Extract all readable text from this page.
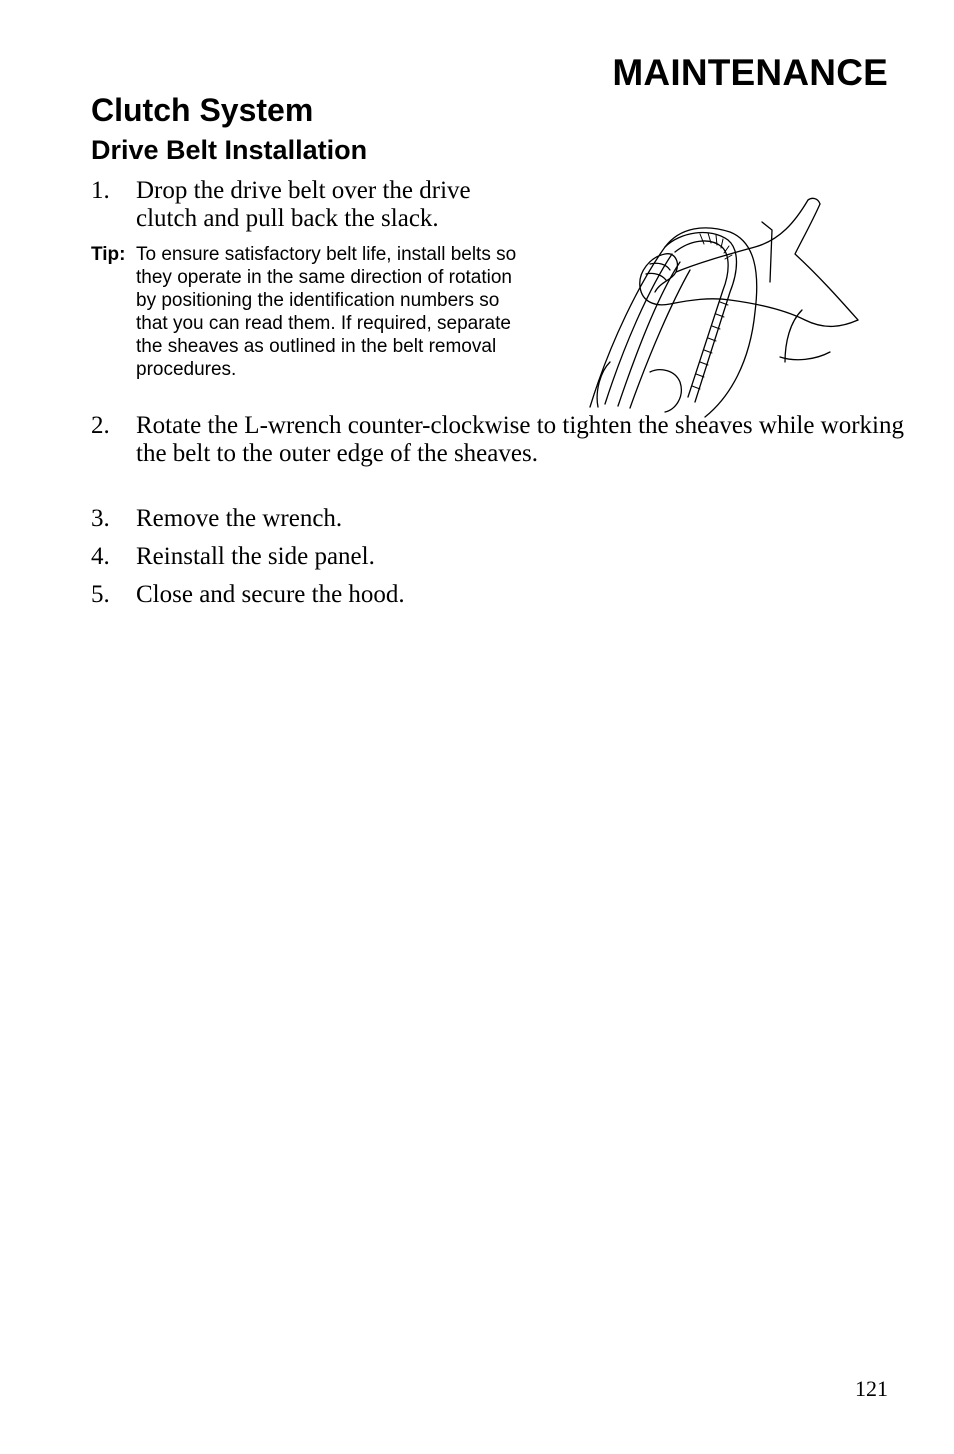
MAINTENANCE
Clutch System
Drive Belt Installation
1. Drop the drive belt over the drive clutch and pull back the slack.
Tip: To ensure satisfactory belt life, install belts so they operate in the same direction of rotation by positioning the identification numbers so that you can read them. If required, separate the sheaves as outlined in the belt removal procedures.
2. Rotate the L-wrench counter-clockwise to tighten the sheaves while working the belt to the outer edge of the sheaves.
3. Remove the wrench.
4. Reinstall the side panel.
5. Close and secure the hood.
121
